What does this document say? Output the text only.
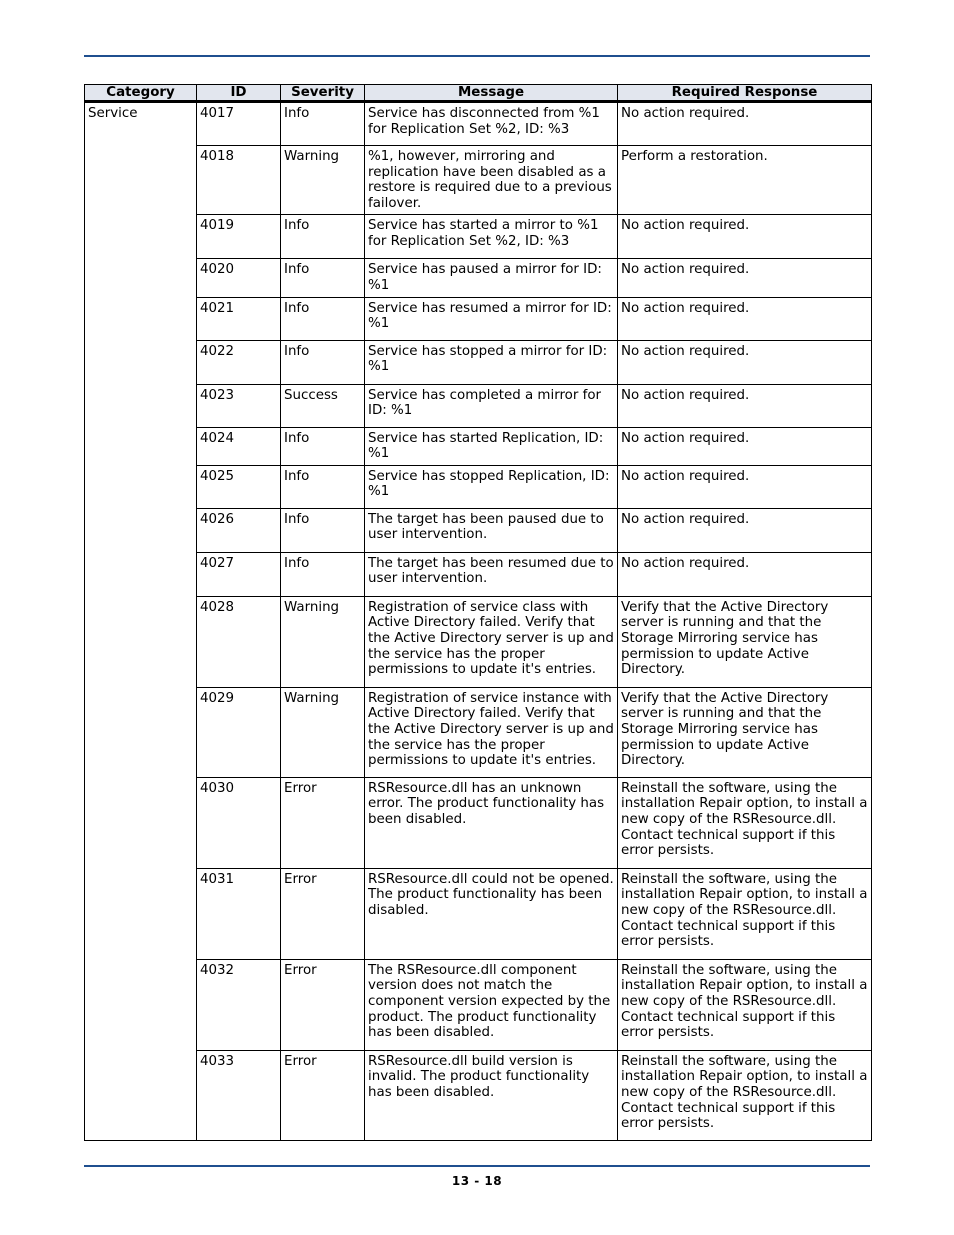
Category	ID	Severity	Message	Required Response
Service	4017	Info	Service has disconnected from %1 for Replication Set %2, ID: %3	No action required.
	4018	Warning	%1, however, mirroring and replication have been disabled as a restore is required due to a previous failover.	Perform a restoration.
	4019	Info	Service has started a mirror to %1 for Replication Set %2, ID: %3	No action required.
	4020	Info	Service has paused a mirror for ID: %1	No action required.
	4021	Info	Service has resumed a mirror for ID: %1	No action required.
	4022	Info	Service has stopped a mirror for ID: %1	No action required.
	4023	Success	Service has completed a mirror for ID: %1	No action required.
	4024	Info	Service has started Replication, ID: %1	No action required.
	4025	Info	Service has stopped Replication, ID: %1	No action required.
	4026	Info	The target has been paused due to user intervention.	No action required.
	4027	Info	The target has been resumed due to user intervention.	No action required.
	4028	Warning	Registration of service class with Active Directory failed. Verify that the Active Directory server is up and the service has the proper permissions to update it's entries.	Verify that the Active Directory server is running and that the Storage Mirroring service has permission to update Active Directory.
	4029	Warning	Registration of service instance with Active Directory failed. Verify that the Active Directory server is up and the service has the proper permissions to update it's entries.	Verify that the Active Directory server is running and that the Storage Mirroring service has permission to update Active Directory.
	4030	Error	RSResource.dll has an unknown error. The product functionality has been disabled.	Reinstall the software, using the installation Repair option, to install a new copy of the RSResource.dll. Contact technical support if this error persists.
	4031	Error	RSResource.dll could not be opened. The product functionality has been disabled.	Reinstall the software, using the installation Repair option, to install a new copy of the RSResource.dll. Contact technical support if this error persists.
	4032	Error	The RSResource.dll component version does not match the component version expected by the product. The product functionality has been disabled.	Reinstall the software, using the installation Repair option, to install a new copy of the RSResource.dll. Contact technical support if this error persists.
	4033	Error	RSResource.dll build version is invalid. The product functionality has been disabled.	Reinstall the software, using the installation Repair option, to install a new copy of the RSResource.dll. Contact technical support if this error persists.
13 - 18
